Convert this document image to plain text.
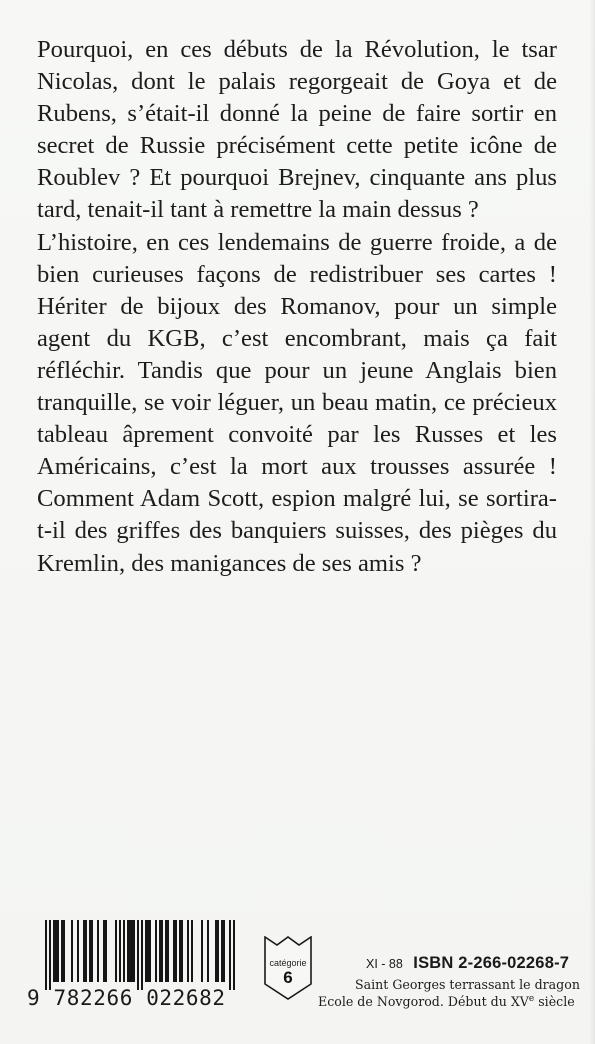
Pourquoi, en ces débuts de la Révolution, le tsar Nicolas, dont le palais regorgeait de Goya et de Rubens, s’était-il donné la peine de faire sortir en secret de Russie précisément cette petite icône de Roublev ? Et pourquoi Brejnev, cinquante ans plus tard, tenait-il tant à remettre la main dessus ?

L’histoire, en ces lendemains de guerre froide, a de bien curieuses façons de redistribuer ses cartes ! Hériter de bijoux des Romanov, pour un simple agent du KGB, c’est encombrant, mais ça fait réfléchir. Tandis que pour un jeune Anglais bien tranquille, se voir léguer, un beau matin, ce précieux tableau âprement convoité par les Russes et les Américains, c’est la mort aux trousses assurée ! Comment Adam Scott, espion malgré lui, se sortira-t-il des griffes des banquiers suisses, des pièges du Kremlin, des manigances de ses amis ?

9 782266 022682
catégorie
6
XI - 88 ISBN 2-266-02268-7
Saint Georges terrassant le dragon
Ecole de Novgorod. Début du XVe siècle
